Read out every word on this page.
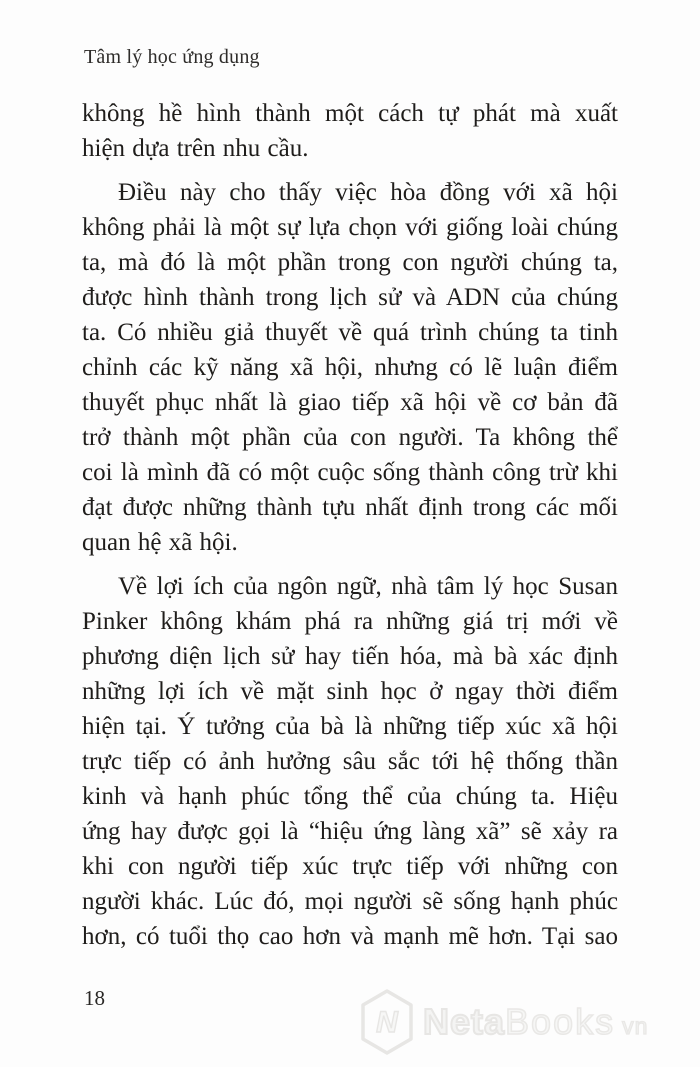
Tâm lý học ứng dụng
không hề hình thành một cách tự phát mà xuất
hiện dựa trên nhu cầu.
Điều này cho thấy việc hòa đồng với xã hội
không phải là một sự lựa chọn với giống loài chúng
ta, mà đó là một phần trong con người chúng ta,
được hình thành trong lịch sử và ADN của chúng
ta. Có nhiều giả thuyết về quá trình chúng ta tinh
chỉnh các kỹ năng xã hội, nhưng có lẽ luận điểm
thuyết phục nhất là giao tiếp xã hội về cơ bản đã
trở thành một phần của con người. Ta không thể
coi là mình đã có một cuộc sống thành công trừ khi
đạt được những thành tựu nhất định trong các mối
quan hệ xã hội.
Về lợi ích của ngôn ngữ, nhà tâm lý học Susan
Pinker không khám phá ra những giá trị mới về
phương diện lịch sử hay tiến hóa, mà bà xác định
những lợi ích về mặt sinh học ở ngay thời điểm
hiện tại. Ý tưởng của bà là những tiếp xúc xã hội
trực tiếp có ảnh hưởng sâu sắc tới hệ thống thần
kinh và hạnh phúc tổng thể của chúng ta. Hiệu
ứng hay được gọi là “hiệu ứng làng xã” sẽ xảy ra
khi con người tiếp xúc trực tiếp với những con
người khác. Lúc đó, mọi người sẽ sống hạnh phúc
hơn, có tuổi thọ cao hơn và mạnh mẽ hơn. Tại sao
18
N NetaBooks vn
